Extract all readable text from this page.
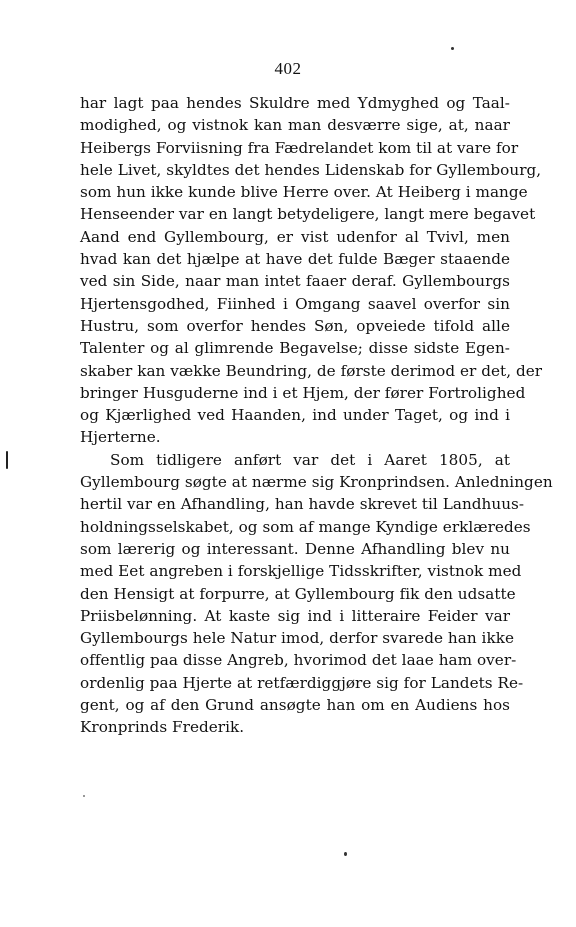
402
har lagt paa hendes Skuldre med Ydmyghed og Taal-
modighed, og vistnok kan man desværre sige, at, naar
Heibergs Forviisning fra Fædrelandet kom til at vare for
hele Livet, skyldtes det hendes Lidenskab for Gyllembourg,
som hun ikke kunde blive Herre over. At Heiberg i mange
Henseender var en langt betydeligere, langt mere begavet
Aand end Gyllembourg, er vist udenfor al Tvivl, men
hvad kan det hjælpe at have det fulde Bæger staaende
ved sin Side, naar man intet faaer deraf. Gyllembourgs
Hjertensgodhed, Fiinhed i Omgang saavel overfor sin
Hustru, som overfor hendes Søn, opveiede tifold alle
Talenter og al glimrende Begavelse; disse sidste Egen-
skaber kan vække Beundring, de første derimod er det, der
bringer Husguderne ind i et Hjem, der fører Fortrolighed
og Kjærlighed ved Haanden, ind under Taget, og ind i
Hjerterne.
Som tidligere anført var det i Aaret 1805, at
Gyllembourg søgte at nærme sig Kronprindsen. Anledningen
hertil var en Afhandling, han havde skrevet til Landhuus-
holdningsselskabet, og som af mange Kyndige erklæredes
som lærerig og interessant. Denne Afhandling blev nu
med Eet angreben i forskjellige Tidsskrifter, vistnok med
den Hensigt at forpurre, at Gyllembourg fik den udsatte
Priisbelønning. At kaste sig ind i litteraire Feider var
Gyllembourgs hele Natur imod, derfor svarede han ikke
offentlig paa disse Angreb, hvorimod det laae ham over-
ordenlig paa Hjerte at retfærdiggjøre sig for Landets Re-
gent, og af den Grund ansøgte han om en Audiens hos
Kronprinds Frederik.
